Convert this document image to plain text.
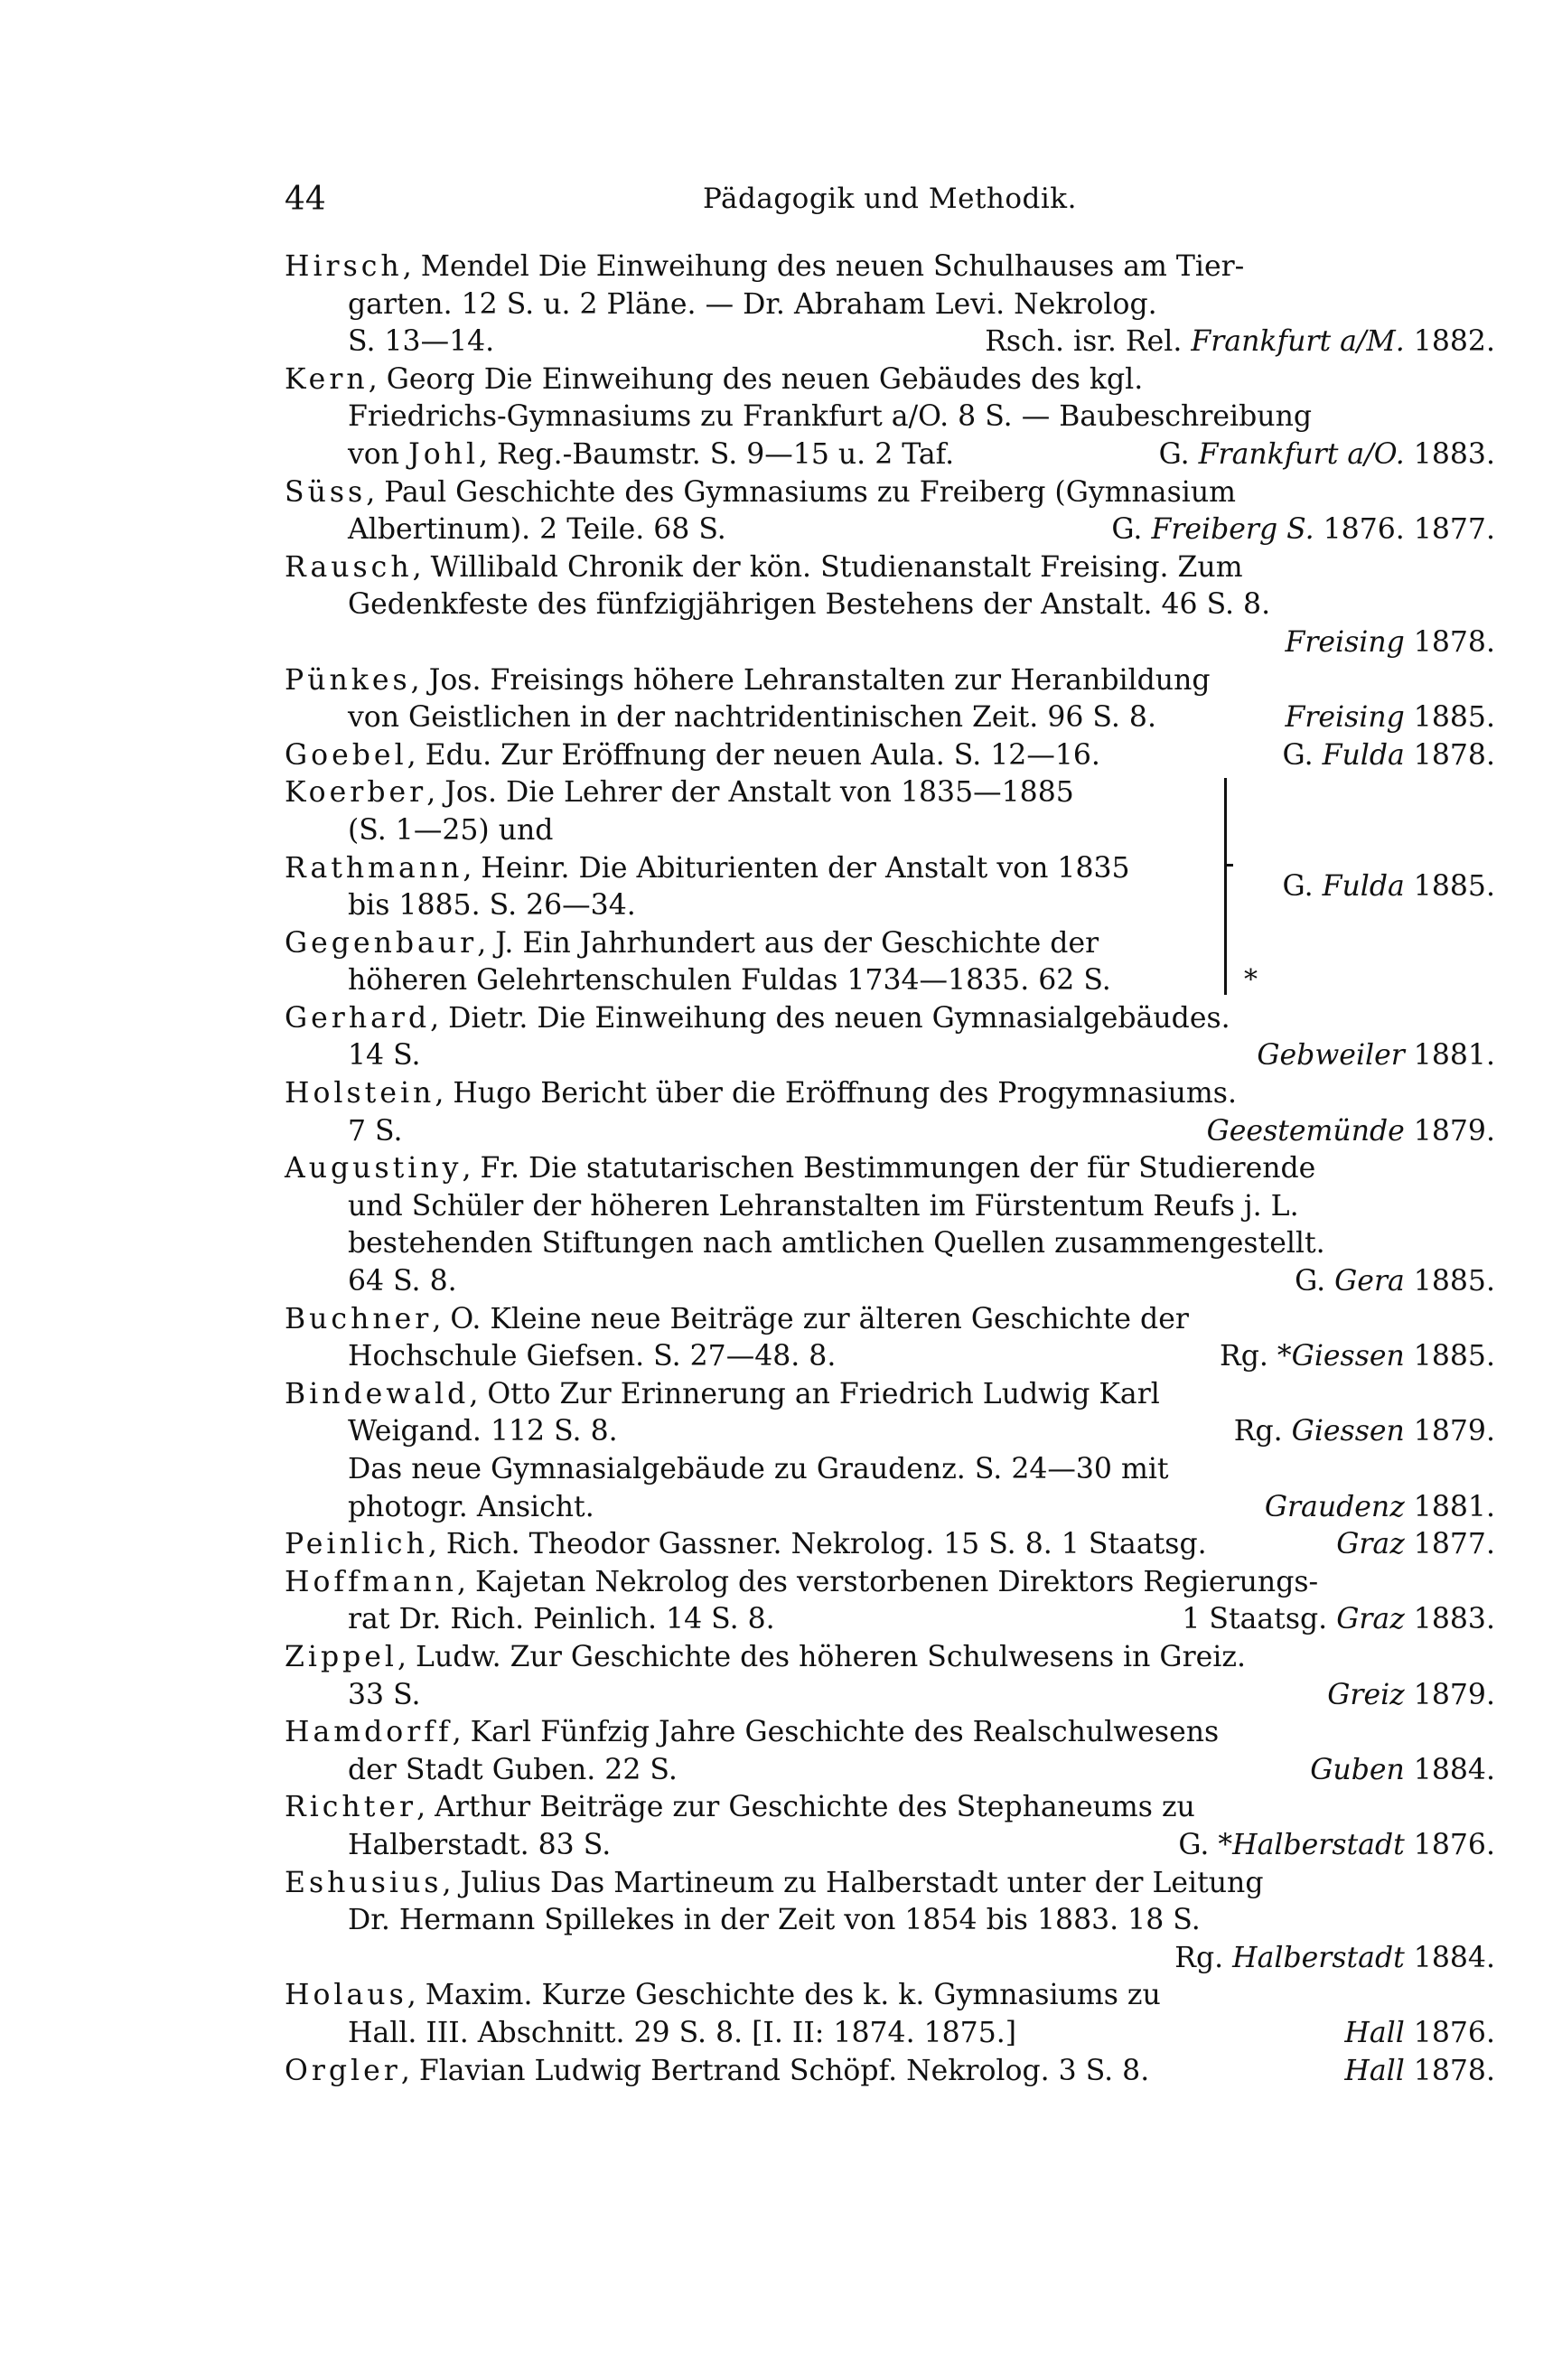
44	Pädagogik und Methodik.
Hirsch, Mendel Die Einweihung des neuen Schulhauses am Tier-
garten. 12 S. u. 2 Pläne. — Dr. Abraham Levi. Nekrolog.
S. 13—14.	Rsch. isr. Rel. Frankfurt a/M. 1882.
Kern, Georg Die Einweihung des neuen Gebäudes des kgl.
Friedrichs-Gymnasiums zu Frankfurt a/O. 8 S. — Baubeschreibung
von Johl, Reg.-Baumstr. S. 9—15 u. 2 Taf.	G. Frankfurt a/O. 1883.
Süss, Paul Geschichte des Gymnasiums zu Freiberg (Gymnasium
Albertinum). 2 Teile. 68 S.	G. Freiberg S. 1876. 1877.
Rausch, Willibald Chronik der kön. Studienanstalt Freising. Zum
Gedenkfeste des fünfzigjährigen Bestehens der Anstalt. 46 S. 8.
Freising 1878.
Pünkes, Jos. Freisings höhere Lehranstalten zur Heranbildung
von Geistlichen in der nachtridentinischen Zeit. 96 S. 8.	Freising 1885.
Goebel, Edu. Zur Eröffnung der neuen Aula. S. 12—16.	G. Fulda 1878.
Koerber, Jos. Die Lehrer der Anstalt von 1835—1885
(S. 1—25) und
Rathmann, Heinr. Die Abiturienten der Anstalt von 1835
bis 1885. S. 26—34.
Gegenbaur, J. Ein Jahrhundert aus der Geschichte der
höheren Gelehrtenschulen Fuldas 1734—1835. 62 S.
G. Fulda 1885.
*
Gerhard, Dietr. Die Einweihung des neuen Gymnasialgebäudes.
14 S.	Gebweiler 1881.
Holstein, Hugo Bericht über die Eröffnung des Progymnasiums.
7 S.	Geestemünde 1879.
Augustiny, Fr. Die statutarischen Bestimmungen der für Studierende
und Schüler der höheren Lehranstalten im Fürstentum Reufs j. L.
bestehenden Stiftungen nach amtlichen Quellen zusammengestellt.
64 S. 8.	G. Gera 1885.
Buchner, O. Kleine neue Beiträge zur älteren Geschichte der
Hochschule Giefsen. S. 27—48. 8.	Rg. *Giessen 1885.
Bindewald, Otto Zur Erinnerung an Friedrich Ludwig Karl
Weigand. 112 S. 8.	Rg. Giessen 1879.
Das neue Gymnasialgebäude zu Graudenz. S. 24—30 mit
photogr. Ansicht.	Graudenz 1881.
Peinlich, Rich. Theodor Gassner. Nekrolog. 15 S. 8. 1 Staatsg.	Graz 1877.
Hoffmann, Kajetan Nekrolog des verstorbenen Direktors Regierungs-
rat Dr. Rich. Peinlich. 14 S. 8.	1 Staatsg. Graz 1883.
Zippel, Ludw. Zur Geschichte des höheren Schulwesens in Greiz.
33 S.	Greiz 1879.
Hamdorff, Karl Fünfzig Jahre Geschichte des Realschulwesens
der Stadt Guben. 22 S.	Guben 1884.
Richter, Arthur Beiträge zur Geschichte des Stephaneums zu
Halberstadt. 83 S.	G. *Halberstadt 1876.
Eshusius, Julius Das Martineum zu Halberstadt unter der Leitung
Dr. Hermann Spillekes in der Zeit von 1854 bis 1883. 18 S.
Rg. Halberstadt 1884.
Holaus, Maxim. Kurze Geschichte des k. k. Gymnasiums zu
Hall. III. Abschnitt. 29 S. 8. [I. II: 1874. 1875.]	Hall 1876.
Orgler, Flavian Ludwig Bertrand Schöpf. Nekrolog. 3 S. 8.	Hall 1878.
